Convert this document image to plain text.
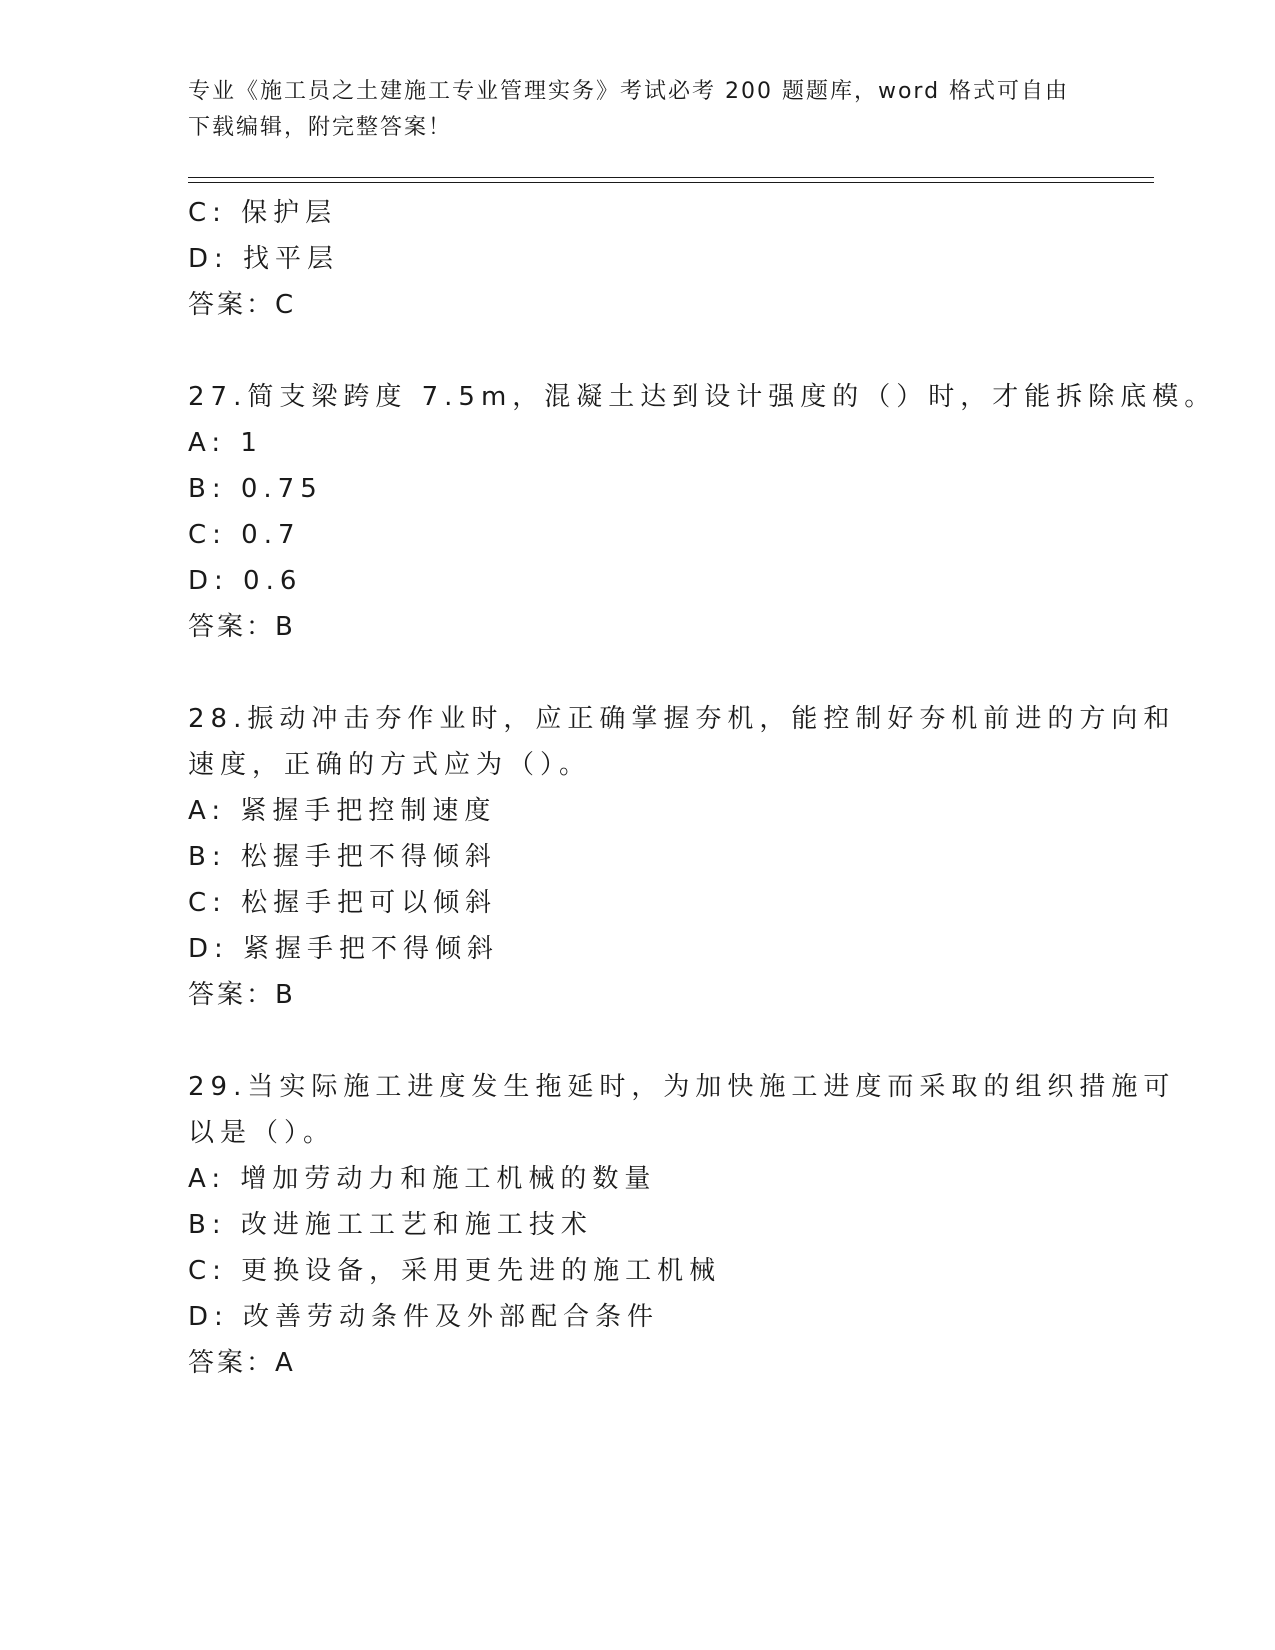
专业《施工员之土建施工专业管理实务》考试必考 200 题题库，word 格式可自由
下载编辑，附完整答案！
C: 保护层
D: 找平层
答案：C
27.简支梁跨度 7.5m，混凝土达到设计强度的（）时，才能拆除底模。
A: 1
B: 0.75
C: 0.7
D: 0.6
答案：B
28.振动冲击夯作业时，应正确掌握夯机，能控制好夯机前进的方向和
速度，正确的方式应为（）。
A: 紧握手把控制速度
B: 松握手把不得倾斜
C: 松握手把可以倾斜
D: 紧握手把不得倾斜
答案：B
29.当实际施工进度发生拖延时，为加快施工进度而采取的组织措施可
以是（）。
A: 增加劳动力和施工机械的数量
B: 改进施工工艺和施工技术
C: 更换设备，采用更先进的施工机械
D: 改善劳动条件及外部配合条件
答案：A
